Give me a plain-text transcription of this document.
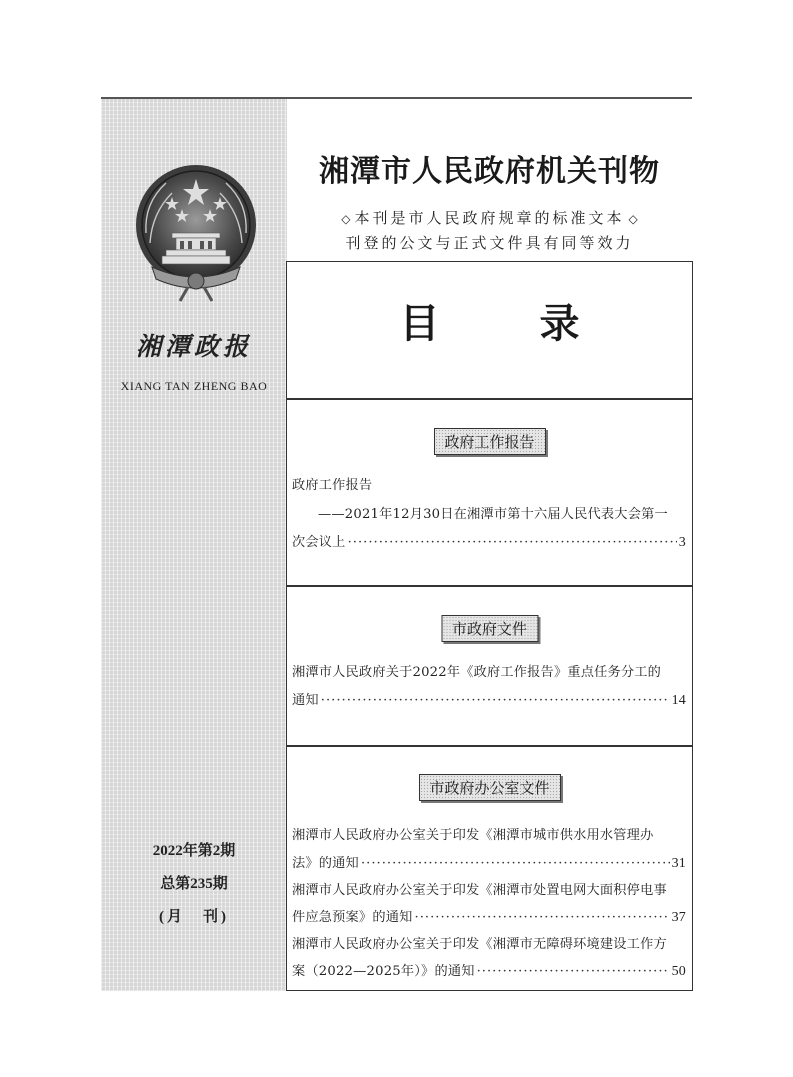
湘潭政报
XIANG TAN ZHENG BAO
2022年第2期
总第235期
(月　刊)
湘潭市人民政府机关刊物
◇ 本刊是市人民政府规章的标准文本 ◇
刊登的公文与正式文件具有同等效力
目　录
政府工作报告
政府工作报告
——2021年12月30日在湘潭市第十六届人民代表大会第一
次会议上 ·····	3
市政府文件
湘潭市人民政府关于2022年《政府工作报告》重点任务分工的
通知 ·····	14
市政府办公室文件
湘潭市人民政府办公室关于印发《湘潭市城市供水用水管理办
法》的通知 ·····	31
湘潭市人民政府办公室关于印发《湘潭市处置电网大面积停电事
件应急预案》的通知 ·····	37
湘潭市人民政府办公室关于印发《湘潭市无障碍环境建设工作方
案（2022—2025年）》的通知 ·····	50
